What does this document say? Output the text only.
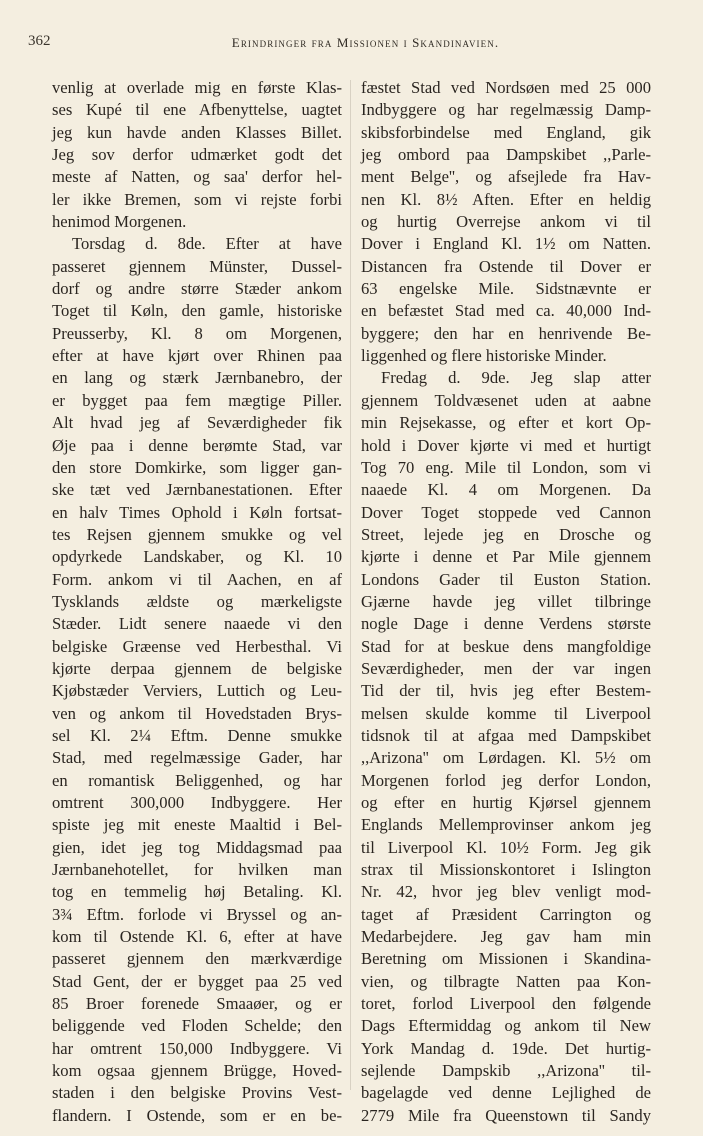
362	Erindringer fra Missionen i Skandinavien.
venlig at overlade mig en første Klas-
ses Kupé til ene Afbenyttelse, uagtet
jeg kun havde anden Klasses Billet.
Jeg sov derfor udmærket godt det
meste af Natten, og saa' derfor hel-
ler ikke Bremen, som vi rejste forbi
henimod Morgenen.
Torsdag d. 8de. Efter at have
passeret gjennem Münster, Dussel-
dorf og andre større Stæder ankom
Toget til Køln, den gamle, historiske
Preusserby, Kl. 8 om Morgenen,
efter at have kjørt over Rhinen paa
en lang og stærk Jærnbanebro, der
er bygget paa fem mægtige Piller.
Alt hvad jeg af Seværdigheder fik
Øje paa i denne berømte Stad, var
den store Domkirke, som ligger gan-
ske tæt ved Jærnbanestationen. Efter
en halv Times Ophold i Køln fortsat-
tes Rejsen gjennem smukke og vel
opdyrkede Landskaber, og Kl. 10
Form. ankom vi til Aachen, en af
Tysklands ældste og mærkeligste
Stæder. Lidt senere naaede vi den
belgiske Græense ved Herbesthal. Vi
kjørte derpaa gjennem de belgiske
Kjøbstæder Verviers, Luttich og Leu-
ven og ankom til Hovedstaden Brys-
sel Kl. 2¼ Eftm. Denne smukke
Stad, med regelmæssige Gader, har
en romantisk Beliggenhed, og har
omtrent 300,000 Indbyggere. Her
spiste jeg mit eneste Maaltid i Bel-
gien, idet jeg tog Middagsmad paa
Jærnbanehotellet, for hvilken man
tog en temmelig høj Betaling. Kl.
3¾ Eftm. forlode vi Bryssel og an-
kom til Ostende Kl. 6, efter at have
passeret gjennem den mærkværdige
Stad Gent, der er bygget paa 25 ved
85 Broer forenede Smaaøer, og er
beliggende ved Floden Schelde; den
har omtrent 150,000 Indbyggere. Vi
kom ogsaa gjennem Brügge, Hoved-
staden i den belgiske Provins Vest-
flandern. I Ostende, som er en be-
fæstet Stad ved Nordsøen med 25 000
Indbyggere og har regelmæssig Damp-
skibsforbindelse med England, gik
jeg ombord paa Dampskibet ,,Parle-
ment Belge'', og afsejlede fra Hav-
nen Kl. 8½ Aften. Efter en heldig
og hurtig Overrejse ankom vi til
Dover i England Kl. 1½ om Natten.
Distancen fra Ostende til Dover er
63 engelske Mile. Sidstnævnte er
en befæstet Stad med ca. 40,000 Ind-
byggere; den har en henrivende Be-
liggenhed og flere historiske Minder.
Fredag d. 9de. Jeg slap atter
gjennem Toldvæsenet uden at aabne
min Rejsekasse, og efter et kort Op-
hold i Dover kjørte vi med et hurtigt
Tog 70 eng. Mile til London, som vi
naaede Kl. 4 om Morgenen. Da
Dover Toget stoppede ved Cannon
Street, lejede jeg en Drosche og
kjørte i denne et Par Mile gjennem
Londons Gader til Euston Station.
Gjærne havde jeg villet tilbringe
nogle Dage i denne Verdens største
Stad for at beskue dens mangfoldige
Seværdigheder, men der var ingen
Tid der til, hvis jeg efter Bestem-
melsen skulde komme til Liverpool
tidsnok til at afgaa med Dampskibet
,,Arizona'' om Lørdagen. Kl. 5½ om
Morgenen forlod jeg derfor London,
og efter en hurtig Kjørsel gjennem
Englands Mellemprovinser ankom jeg
til Liverpool Kl. 10½ Form. Jeg gik
strax til Missionskontoret i Islington
Nr. 42, hvor jeg blev venligt mod-
taget af Præsident Carrington og
Medarbejdere. Jeg gav ham min
Beretning om Missionen i Skandina-
vien, og tilbragte Natten paa Kon-
toret, forlod Liverpool den følgende
Dags Eftermiddag og ankom til New
York Mandag d. 19de. Det hurtig-
sejlende Dampskib ,,Arizona'' til-
bagelagde ved denne Lejlighed de
2779 Mile fra Queenstown til Sandy
